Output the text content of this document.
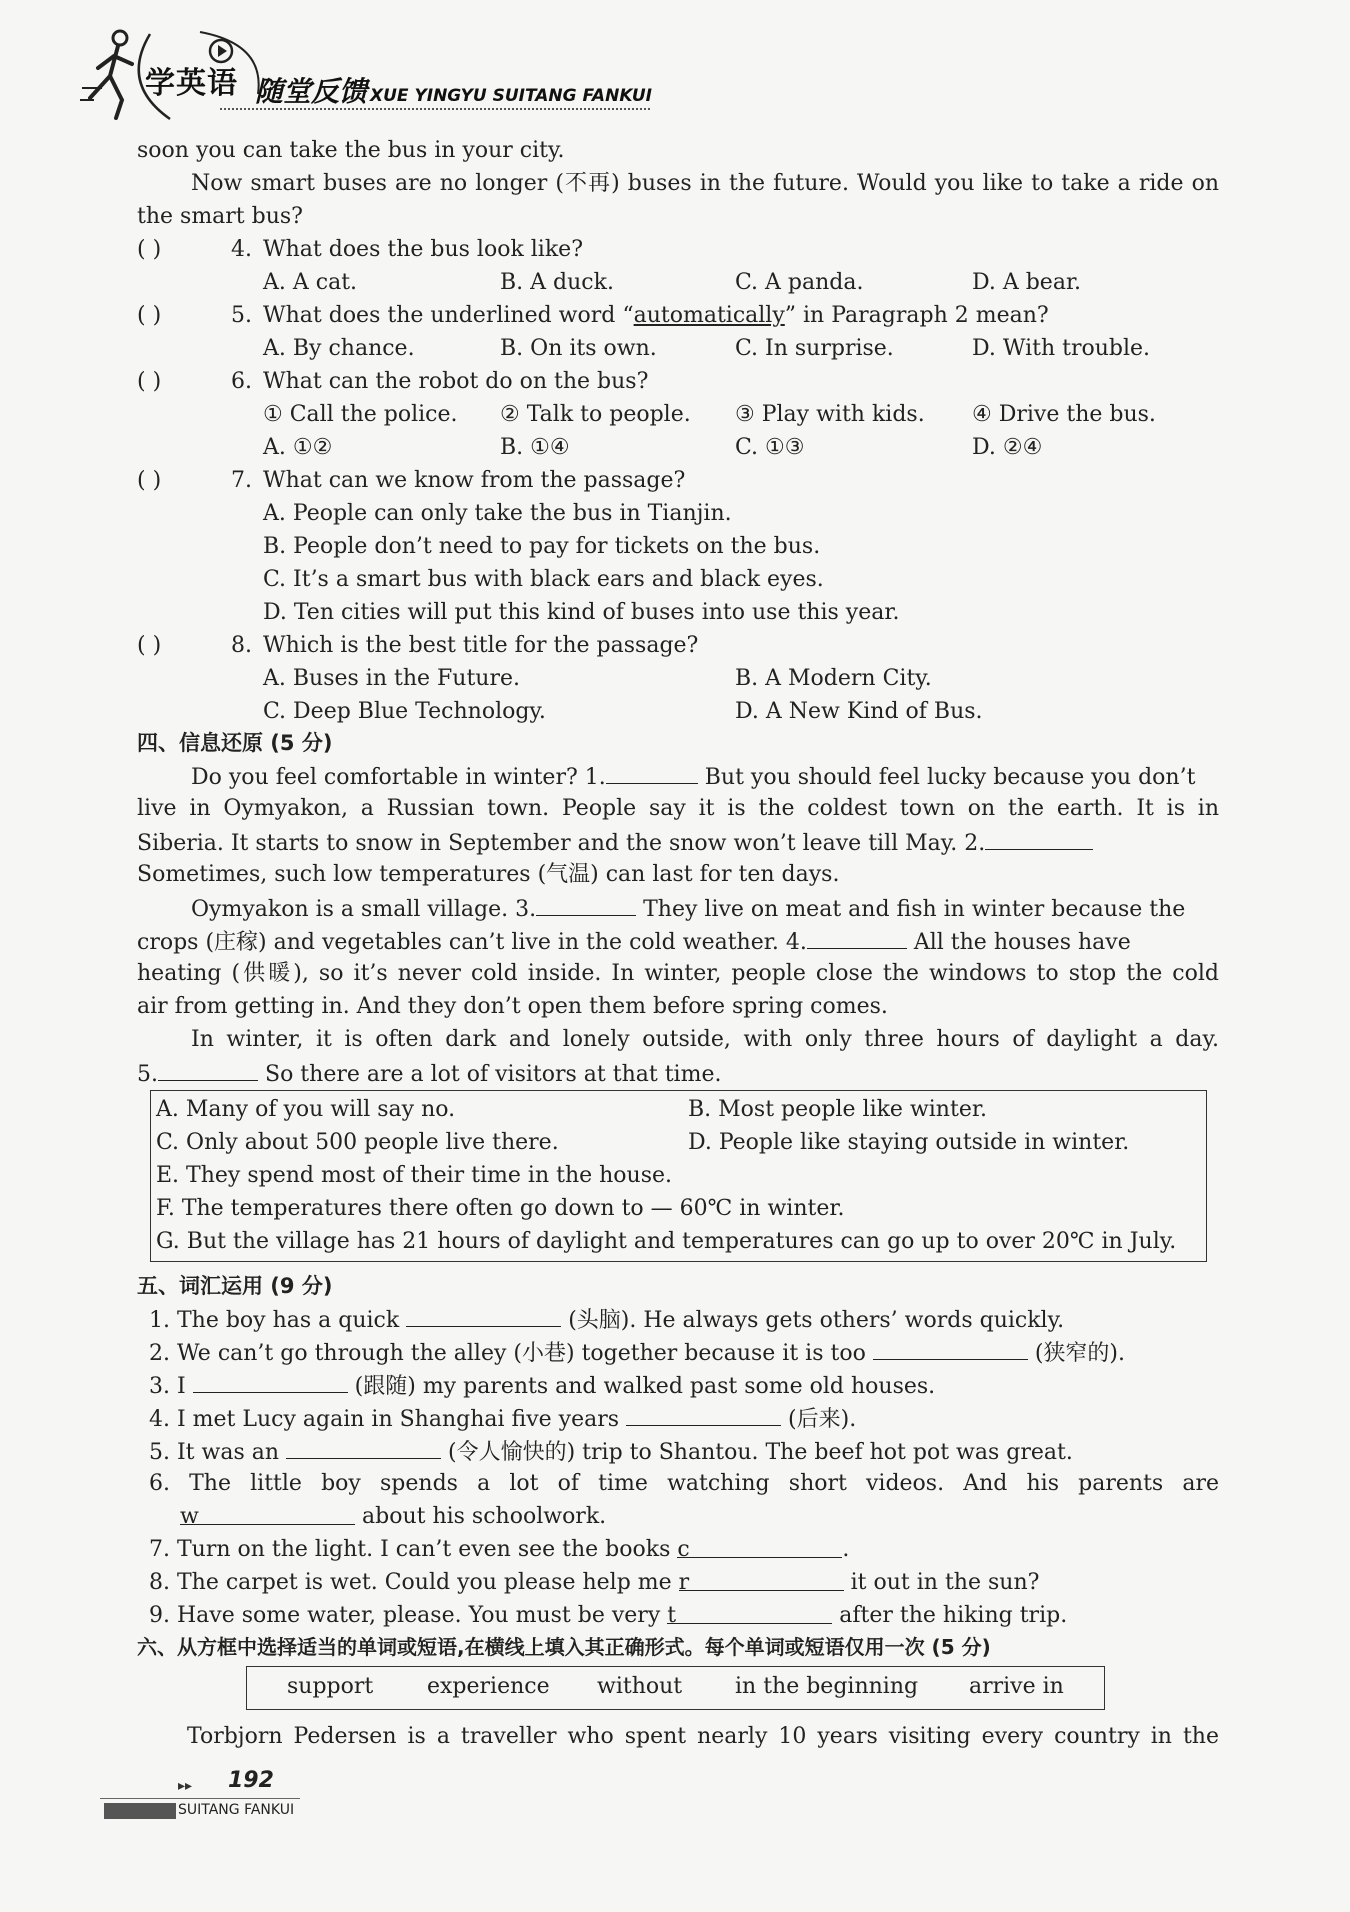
学英语 随堂反馈 XUE YINGYU SUITANG FANKUI
soon you can take the bus in your city.
Now smart buses are no longer (不再) buses in the future. Would you like to take a ride on
the smart bus?
( )	4. What does the bus look like?
A. A cat.	B. A duck.	C. A panda.	D. A bear.
( )	5. What does the underlined word “automatically” in Paragraph 2 mean?
A. By chance.	B. On its own.	C. In surprise.	D. With trouble.
( )	6. What can the robot do on the bus?
① Call the police. ② Talk to people. ③ Play with kids. ④ Drive the bus.
A. ①②	B. ①④	C. ①③	D. ②④
( )	7. What can we know from the passage?
A. People can only take the bus in Tianjin.
B. People don’t need to pay for tickets on the bus.
C. It’s a smart bus with black ears and black eyes.
D. Ten cities will put this kind of buses into use this year.
( )	8. Which is the best title for the passage?
A. Buses in the Future.	B. A Modern City.
C. Deep Blue Technology.	D. A New Kind of Bus.
四、信息还原 (5 分)
Do you feel comfortable in winter? 1.	But you should feel lucky because you don’t
live in Oymyakon, a Russian town. People say it is the coldest town on the earth. It is in
Siberia. It starts to snow in September and the snow won’t leave till May. 2.
Sometimes, such low temperatures (气温) can last for ten days.
Oymyakon is a small village. 3.	They live on meat and fish in winter because the
crops (庄稼) and vegetables can’t live in the cold weather. 4.	All the houses have
heating (供暖), so it’s never cold inside. In winter, people close the windows to stop the cold
air from getting in. And they don’t open them before spring comes.
In winter, it is often dark and lonely outside, with only three hours of daylight a day.
5.	So there are a lot of visitors at that time.
A. Many of you will say no.	B. Most people like winter.
C. Only about 500 people live there.	D. People like staying outside in winter.
E. They spend most of their time in the house.
F. The temperatures there often go down to — 60℃ in winter.
G. But the village has 21 hours of daylight and temperatures can go up to over 20℃ in July.
五、词汇运用 (9 分)
1. The boy has a quick	(头脑). He always gets others’ words quickly.
2. We can’t go through the alley (小巷) together because it is too	(狭窄的).
3. I	(跟随) my parents and walked past some old houses.
4. I met Lucy again in Shanghai five years	(后来).
5. It was an	(令人愉快的) trip to Shantou. The beef hot pot was great.
6. The little boy spends a lot of time watching short videos. And his parents are
w	about his schoolwork.
7. Turn on the light. I can’t even see the books c	.
8. The carpet is wet. Could you please help me r	it out in the sun?
9. Have some water, please. You must be very t	after the hiking trip.
六、从方框中选择适当的单词或短语,在横线上填入其正确形式。每个单词或短语仅用一次 (5 分)
support experience without in the beginning arrive in
Torbjorn Pedersen is a traveller who spent nearly 10 years visiting every country in the
▸▸ 192
SUITANG FANKUI
